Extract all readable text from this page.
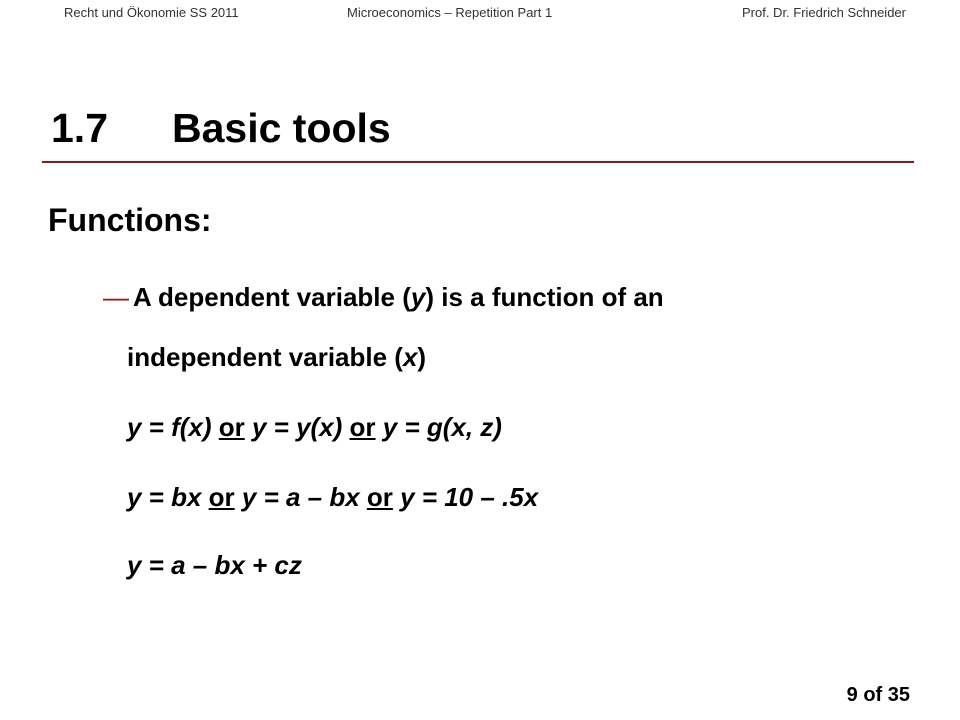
Recht und Ökonomie SS 2011	Microeconomics – Repetition Part 1	Prof. Dr. Friedrich Schneider
1.7 Basic tools
Functions:
— A dependent variable (y) is a function of an
independent variable (x)
y = f(x) or y = y(x) or y = g(x, z)
y = bx or y = a – bx or y = 10 – .5x
y = a – bx + cz
9 of 35
